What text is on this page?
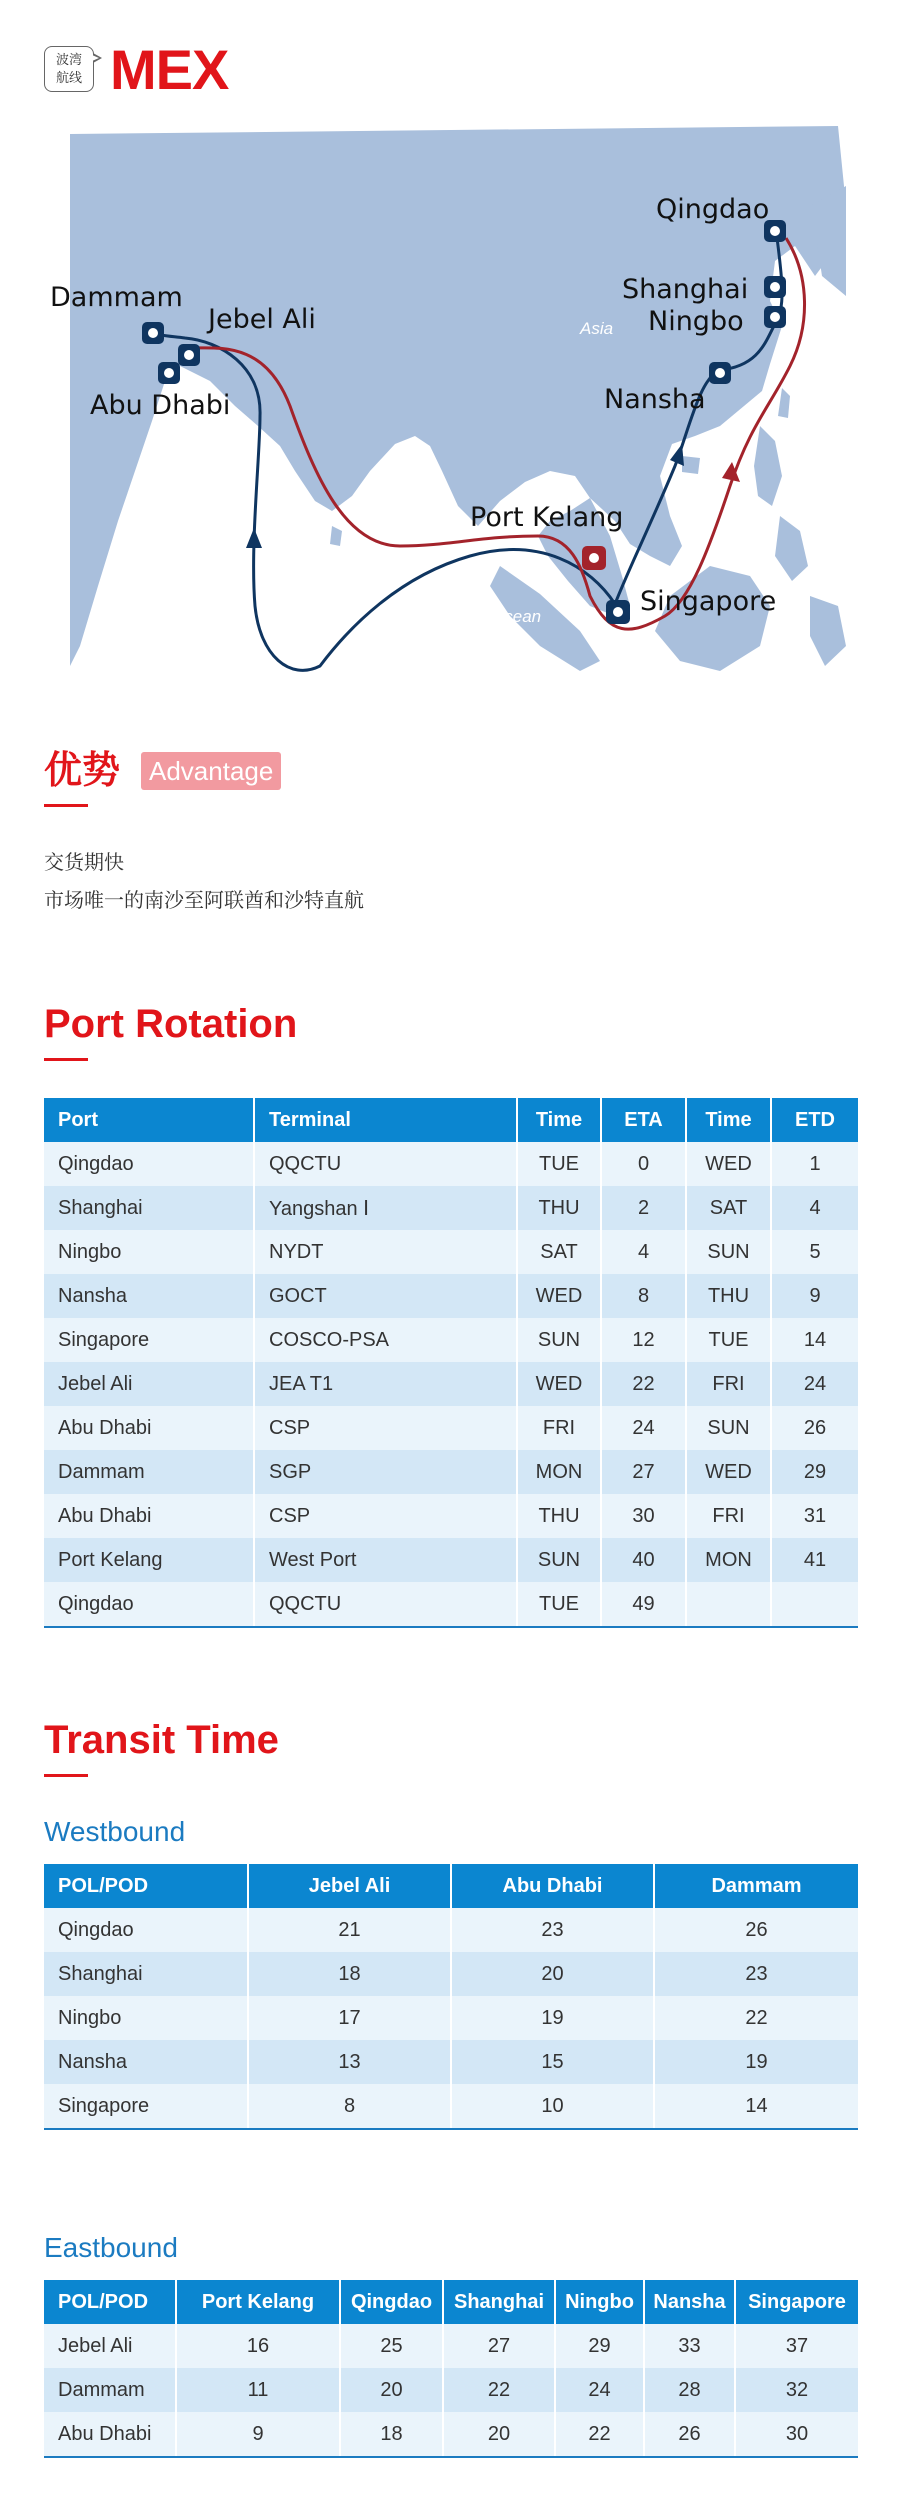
波湾
航线 MEX
Asia
Indian Ocean
Qingdao
Shanghai
Ningbo
Nansha
Dammam
Jebel Ali
Abu Dhabi
Port Kelang
Singapore
优势	Advantage
交货期快
市场唯一的南沙至阿联酋和沙特直航
Port Rotation
Port	Terminal	Time	ETA	Time	ETD
Qingdao	QQCTU	TUE	0	WED	1
Shanghai	Yangshan Ⅰ	THU	2	SAT	4
Ningbo	NYDT	SAT	4	SUN	5
Nansha	GOCT	WED	8	THU	9
Singapore	COSCO-PSA	SUN	12	TUE	14
Jebel Ali	JEA T1	WED	22	FRI	24
Abu Dhabi	CSP	FRI	24	SUN	26
Dammam	SGP	MON	27	WED	29
Abu Dhabi	CSP	THU	30	FRI	31
Port Kelang	West Port	SUN	40	MON	41
Qingdao	QQCTU	TUE	49		
Transit Time
Westbound
POL/POD	Jebel Ali	Abu Dhabi	Dammam
Qingdao	21	23	26
Shanghai	18	20	23
Ningbo	17	19	22
Nansha	13	15	19
Singapore	8	10	14
Eastbound
POL/POD	Port Kelang	Qingdao	Shanghai	Ningbo	Nansha	Singapore
Jebel Ali	16	25	27	29	33	37
Dammam	11	20	22	24	28	32
Abu Dhabi	9	18	20	22	26	30
